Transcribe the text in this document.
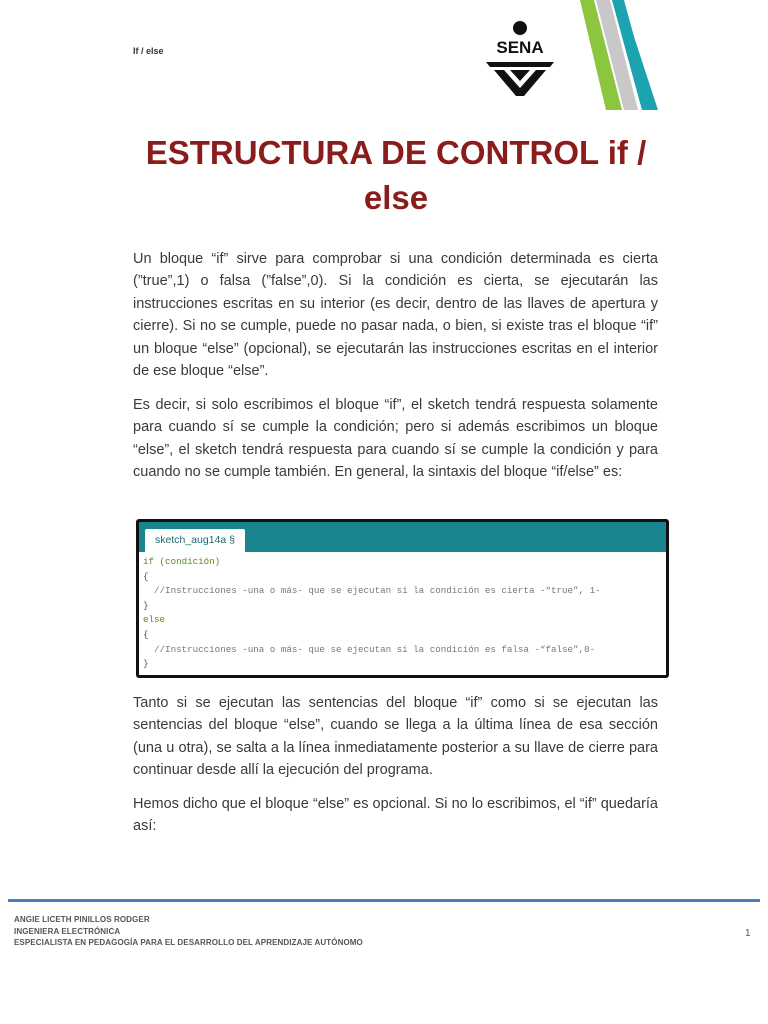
If / else	SENA
ESTRUCTURA DE CONTROL if /
else

Un bloque “if” sirve para comprobar si una condición determinada es cierta (”true”,1) o falsa (”false”,0). Si la condición es cierta, se ejecutarán las instrucciones escritas en su interior (es decir, dentro de las llaves de apertura y cierre). Si no se cumple, puede no pasar nada, o bien, si existe tras el bloque “if” un bloque “else” (opcional), se ejecutarán las instrucciones escritas en el interior de ese bloque “else”.

Es decir, si solo escribimos el bloque “if”, el sketch tendrá respuesta solamente para cuando sí se cumple la condición; pero si además escribimos un bloque “else”, el sketch tendrá respuesta para cuando sí se cumple la condición y para cuando no se cumple también. En general, la sintaxis del bloque “if/else” es:

sketch_aug14a §
if (condición)
{
//Instrucciones -una o más- que se ejecutan si la condición es cierta -“true”, 1-
}
else
{
//Instrucciones -una o más- que se ejecutan si la condición es falsa -“false”,0-
}

Tanto si se ejecutan las sentencias del bloque “if” como si se ejecutan las sentencias del bloque “else”, cuando se llega a la última línea de esa sección (una u otra), se salta a la línea inmediatamente posterior a su llave de cierre para continuar desde allí la ejecución del programa.

Hemos dicho que el bloque “else” es opcional. Si no lo escribimos, el “if” quedaría así:

ANGIE LICETH PINILLOS RODGER
INGENIERA ELECTRÓNICA
ESPECIALISTA EN PEDAGOGÍA PARA EL DESARROLLO DEL APRENDIZAJE AUTÓNOMO
1
